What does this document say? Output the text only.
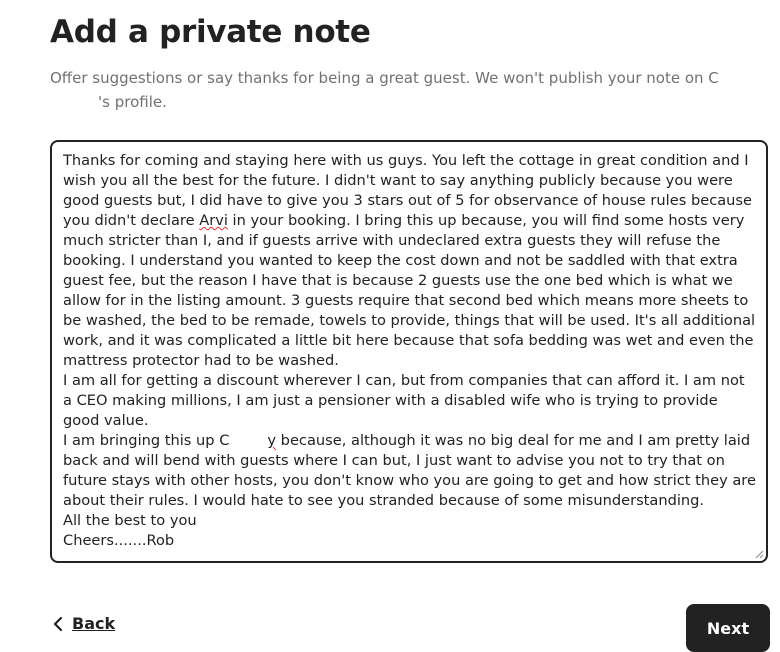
Add a private note

Offer suggestions or say thanks for being a great guest. We won't publish your note on C's profile.

Thanks for coming and staying here with us guys. You left the cottage in great condition and I wish you all the best for the future. I didn't want to say anything publicly because you were good guests but, I did have to give you 3 stars out of 5 for observance of house rules because you didn't declare Arvi in your booking. I bring this up because, you will find some hosts very much stricter than I, and if guests arrive with undeclared extra guests they will refuse the booking. I understand you wanted to keep the cost down and not be saddled with that extra guest fee, but the reason I have that is because 2 guests use the one bed which is what we allow for in the listing amount. 3 guests require that second bed which means more sheets to be washed, the bed to be remade, towels to provide, things that will be used. It's all additional work, and it was complicated a little bit here because that sofa bedding was wet and even the mattress protector had to be washed.

I am all for getting a discount wherever I can, but from companies that can afford it. I am not a CEO making millions, I am just a pensioner with a disabled wife who is trying to provide good value.

I am bringing this up C	y because, although it was no big deal for me and I am pretty laid back and will bend with guests where I can but, I just want to advise you not to try that on future stays with other hosts, you don't know who you are going to get and how strict they are about their rules. I would hate to see you stranded because of some misunderstanding.

All the best to you

Cheers.......Rob

Back	Next
